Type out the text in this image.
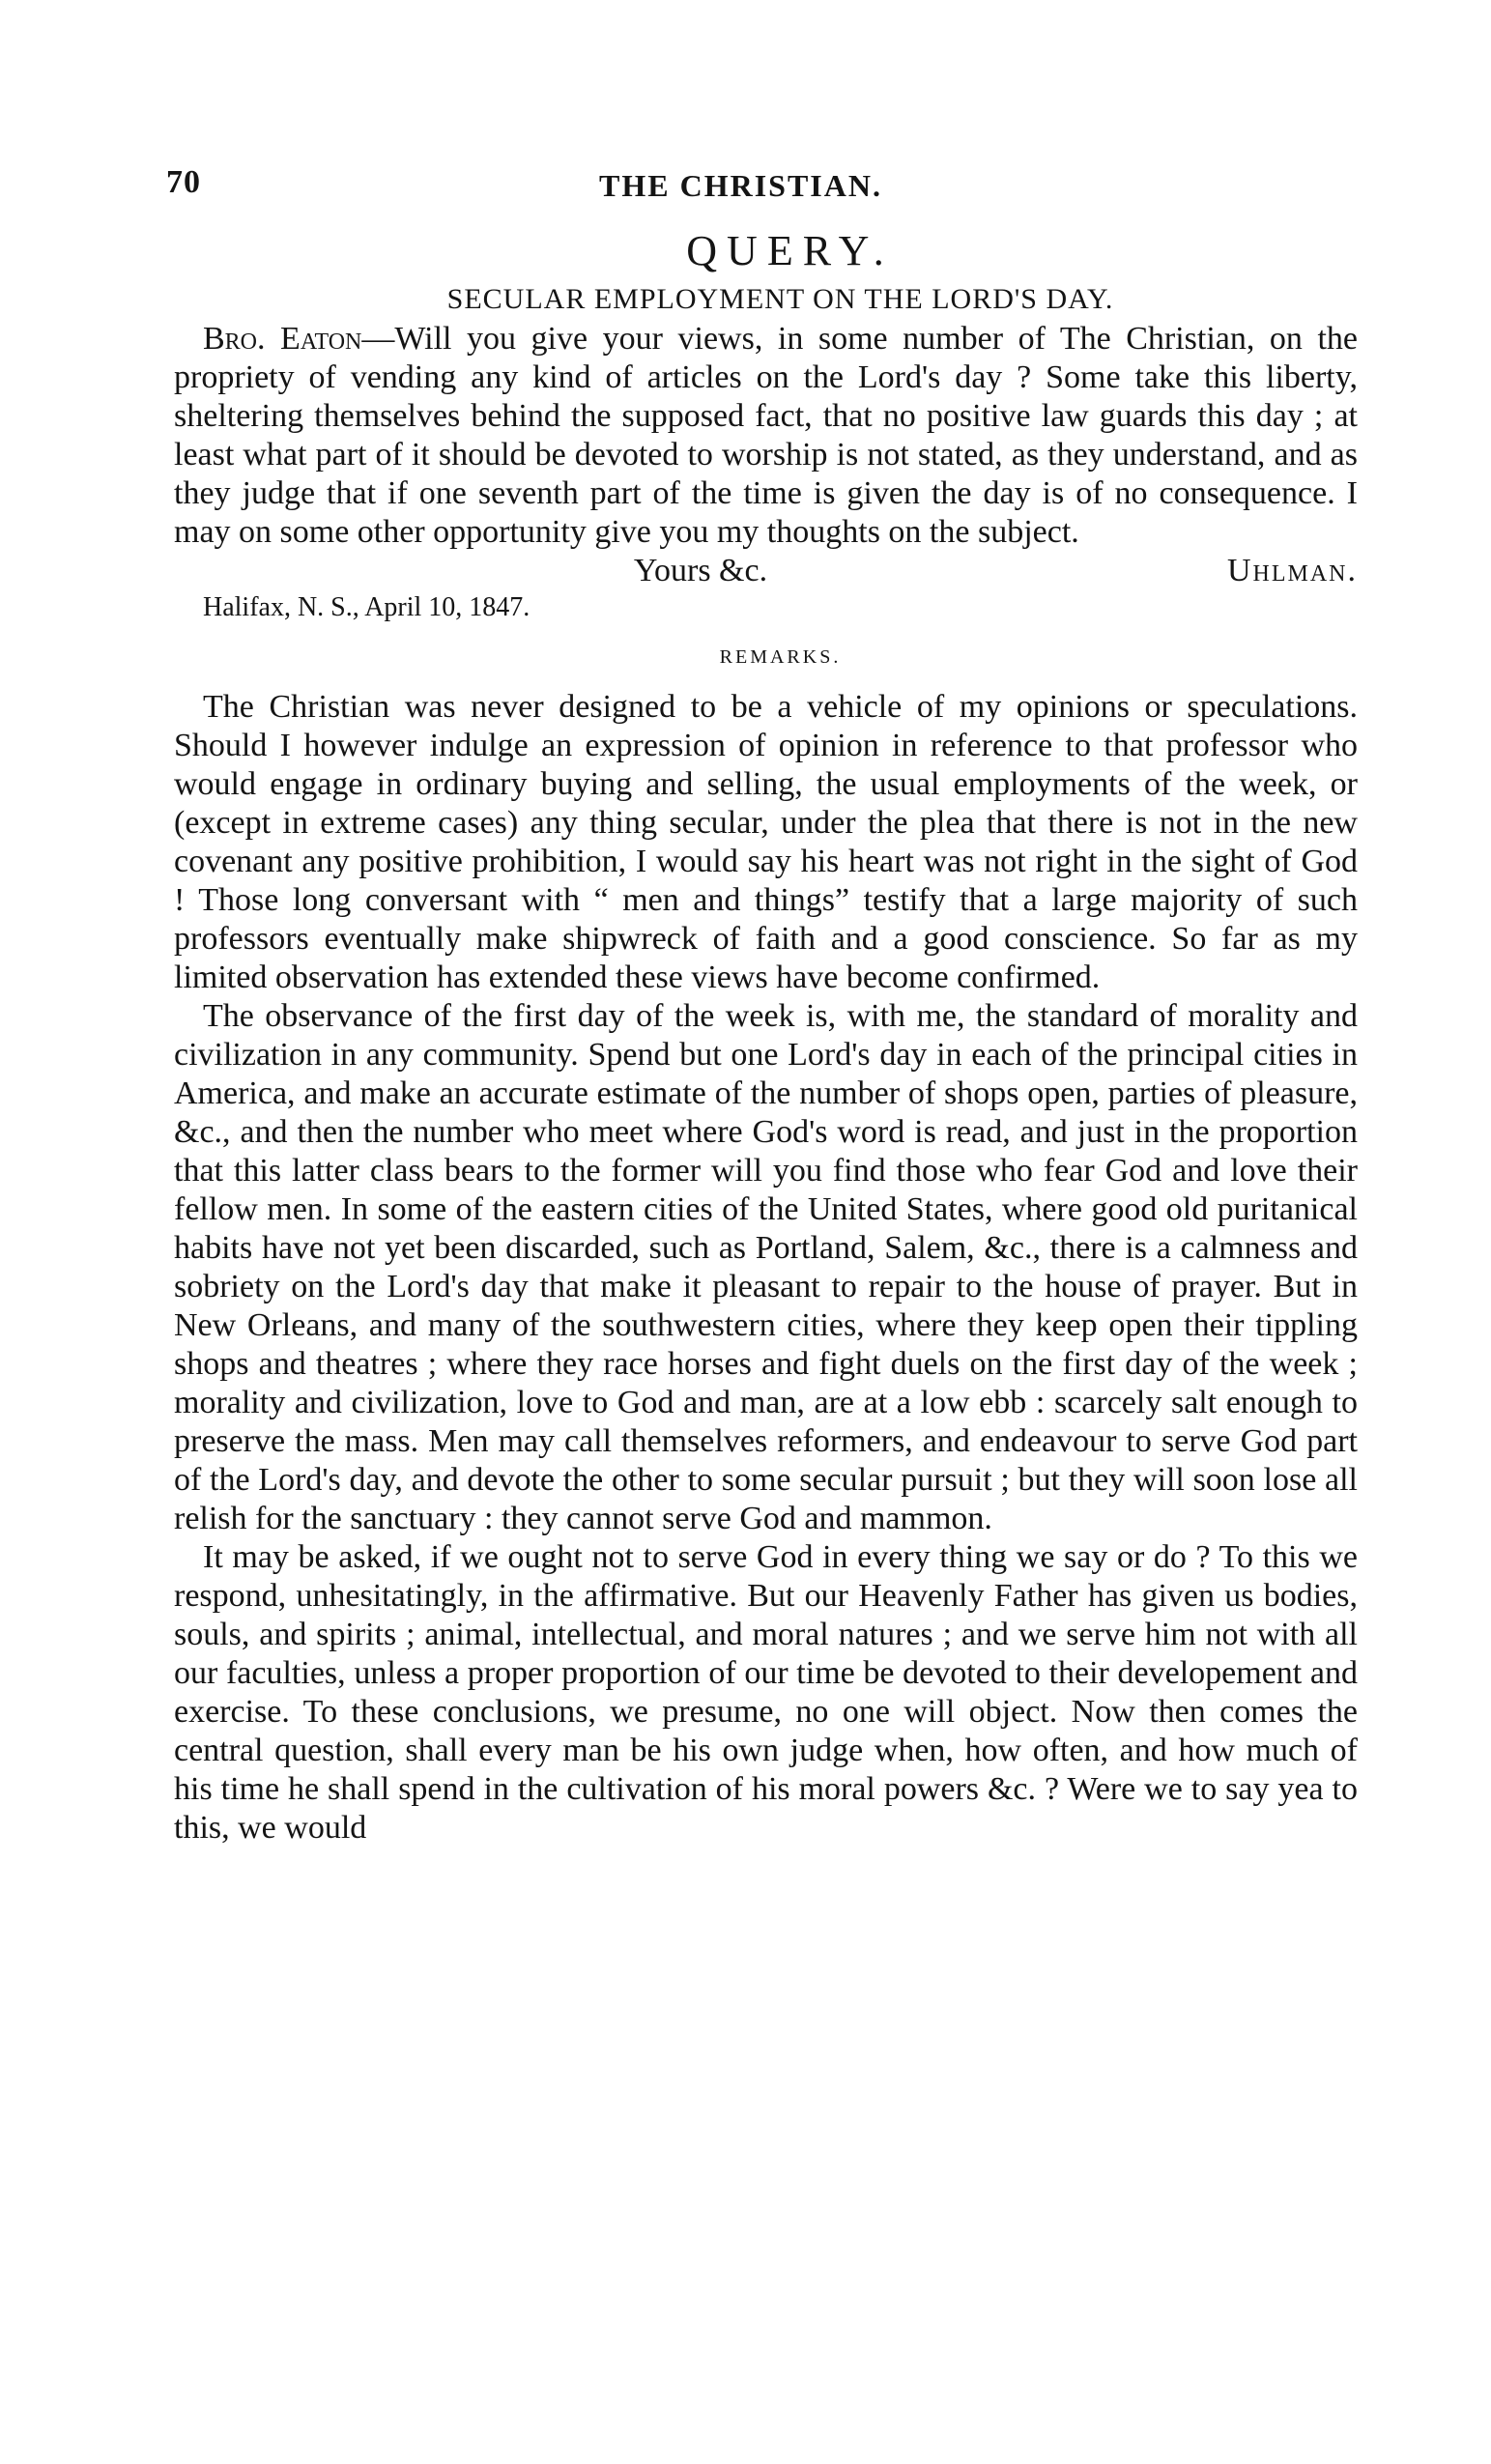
70	THE CHRISTIAN.
QUERY.
SECULAR EMPLOYMENT ON THE LORD'S DAY.

Bro. Eaton—Will you give your views, in some number of The Christian, on the propriety of vending any kind of articles on the Lord's day ? Some take this liberty, sheltering themselves behind the supposed fact, that no positive law guards this day ; at least what part of it should be devoted to worship is not stated, as they understand, and as they judge that if one seventh part of the time is given the day is of no consequence. I may on some other opportunity give you my thoughts on the subject.

Yours &c.	Uhlman.
Halifax, N. S., April 10, 1847.
REMARKS.

The Christian was never designed to be a vehicle of my opinions or speculations. Should I however indulge an expression of opinion in reference to that professor who would engage in ordinary buying and selling, the usual employments of the week, or (except in extreme cases) any thing secular, under the plea that there is not in the new covenant any positive prohibition, I would say his heart was not right in the sight of God ! Those long conversant with “ men and things” testify that a large majority of such professors eventually make shipwreck of faith and a good conscience. So far as my limited observation has extended these views have become confirmed.

The observance of the first day of the week is, with me, the standard of morality and civilization in any community. Spend but one Lord's day in each of the principal cities in America, and make an accurate estimate of the number of shops open, parties of pleasure, &c., and then the number who meet where God's word is read, and just in the proportion that this latter class bears to the former will you find those who fear God and love their fellow men. In some of the eastern cities of the United States, where good old puritanical habits have not yet been discarded, such as Portland, Salem, &c., there is a calmness and sobriety on the Lord's day that make it pleasant to repair to the house of prayer. But in New Orleans, and many of the southwestern cities, where they keep open their tippling shops and theatres ; where they race horses and fight duels on the first day of the week ; morality and civilization, love to God and man, are at a low ebb : scarcely salt enough to preserve the mass. Men may call themselves reformers, and endeavour to serve God part of the Lord's day, and devote the other to some secular pursuit ; but they will soon lose all relish for the sanctuary : they cannot serve God and mammon.

It may be asked, if we ought not to serve God in every thing we say or do ? To this we respond, unhesitatingly, in the affirmative. But our Heavenly Father has given us bodies, souls, and spirits ; animal, intellectual, and moral natures ; and we serve him not with all our faculties, unless a proper proportion of our time be devoted to their developement and exercise. To these conclusions, we presume, no one will object. Now then comes the central question, shall every man be his own judge when, how often, and how much of his time he shall spend in the cultivation of his moral powers &c. ? Were we to say yea to this, we would
